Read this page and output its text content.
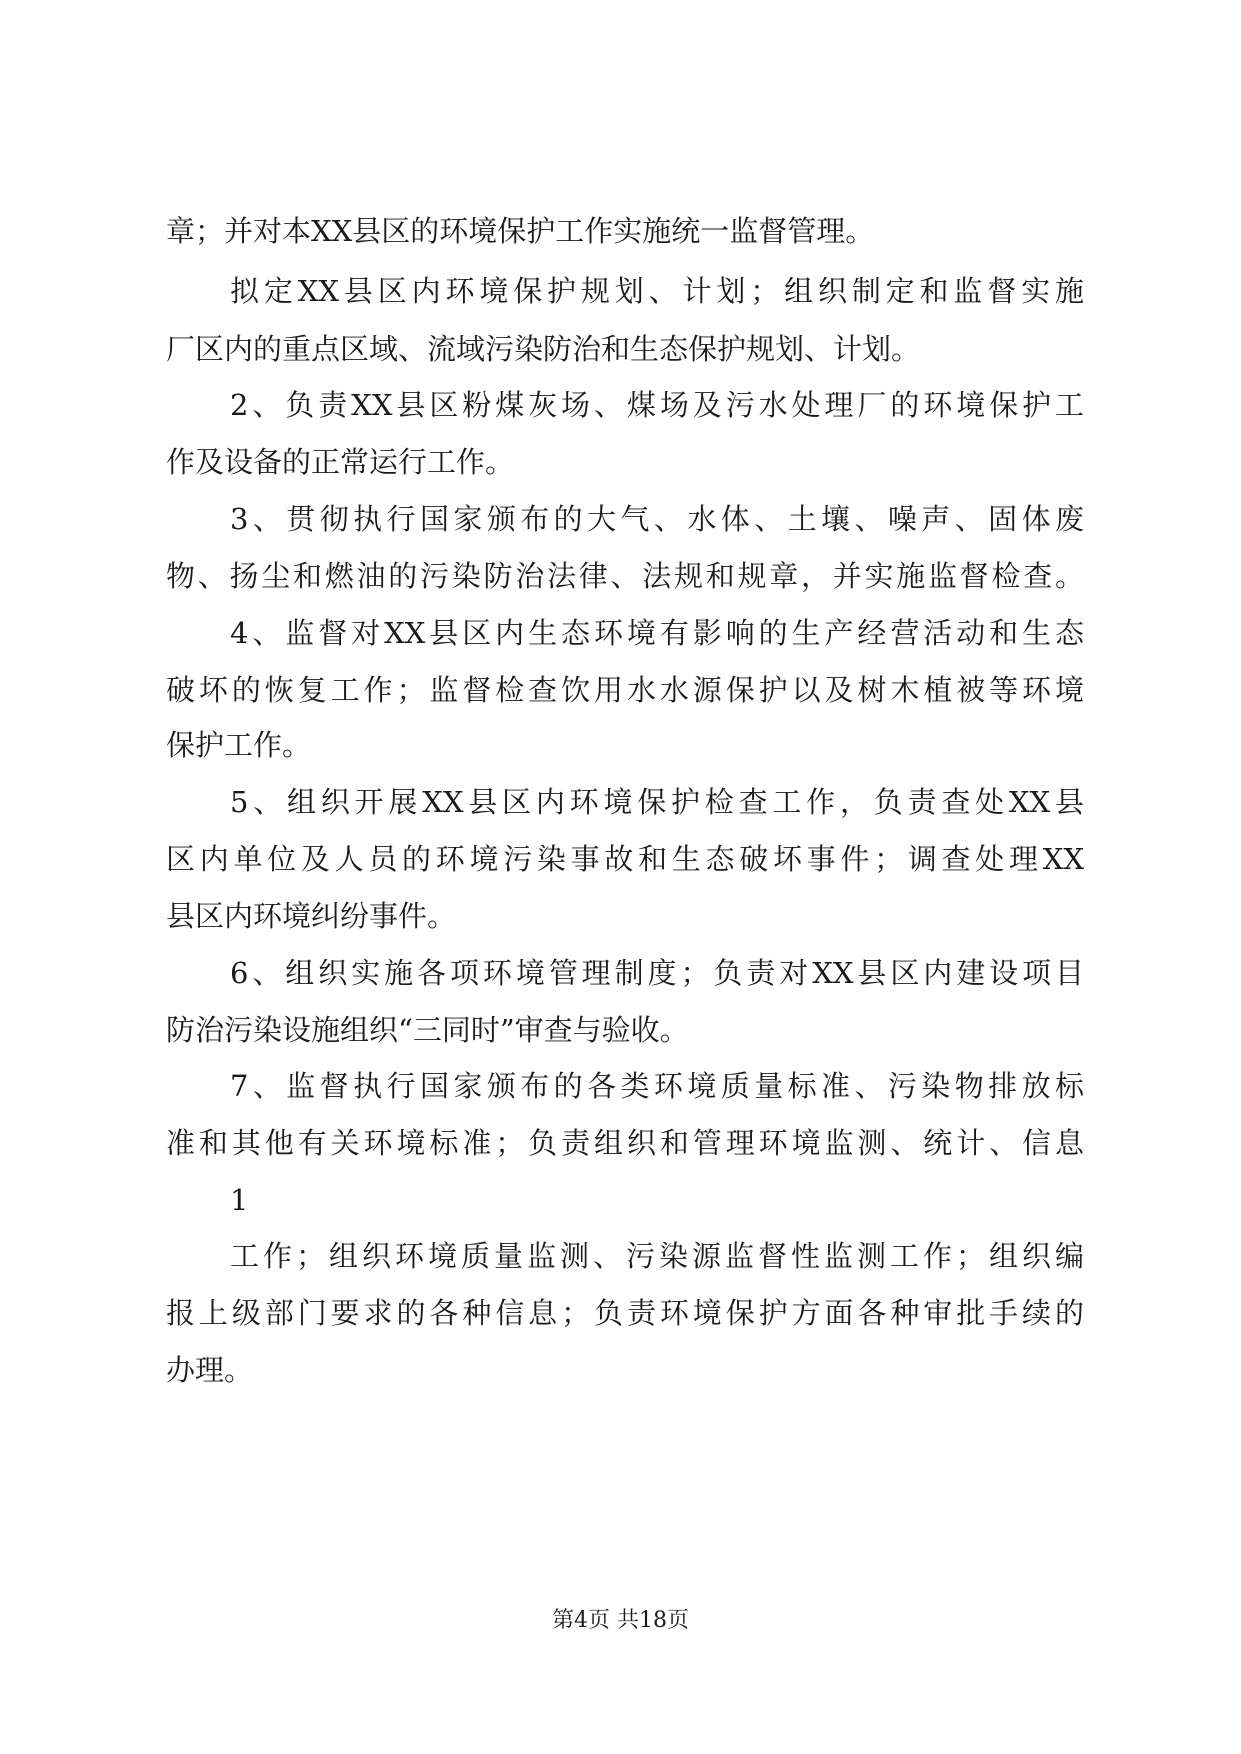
章；并对本XX县区的环境保护工作实施统一监督管理。
拟定XX县区内环境保护规划、计划；组织制定和监督实施
厂区内的重点区域、流域污染防治和生态保护规划、计划。
2、负责XX县区粉煤灰场、煤场及污水处理厂的环境保护工
作及设备的正常运行工作。
3、贯彻执行国家颁布的大气、水体、土壤、噪声、固体废
物、扬尘和燃油的污染防治法律、法规和规章，并实施监督检查。
4、监督对XX县区内生态环境有影响的生产经营活动和生态
破坏的恢复工作；监督检查饮用水水源保护以及树木植被等环境
保护工作。
5、组织开展XX县区内环境保护检查工作，负责查处XX县
区内单位及人员的环境污染事故和生态破坏事件；调查处理XX
县区内环境纠纷事件。
6、组织实施各项环境管理制度；负责对XX县区内建设项目
防治污染设施组织“三同时”审查与验收。
7、监督执行国家颁布的各类环境质量标准、污染物排放标
准和其他有关环境标准；负责组织和管理环境监测、统计、信息
1
工作；组织环境质量监测、污染源监督性监测工作；组织编
报上级部门要求的各种信息；负责环境保护方面各种审批手续的
办理。
第4页 共18页
